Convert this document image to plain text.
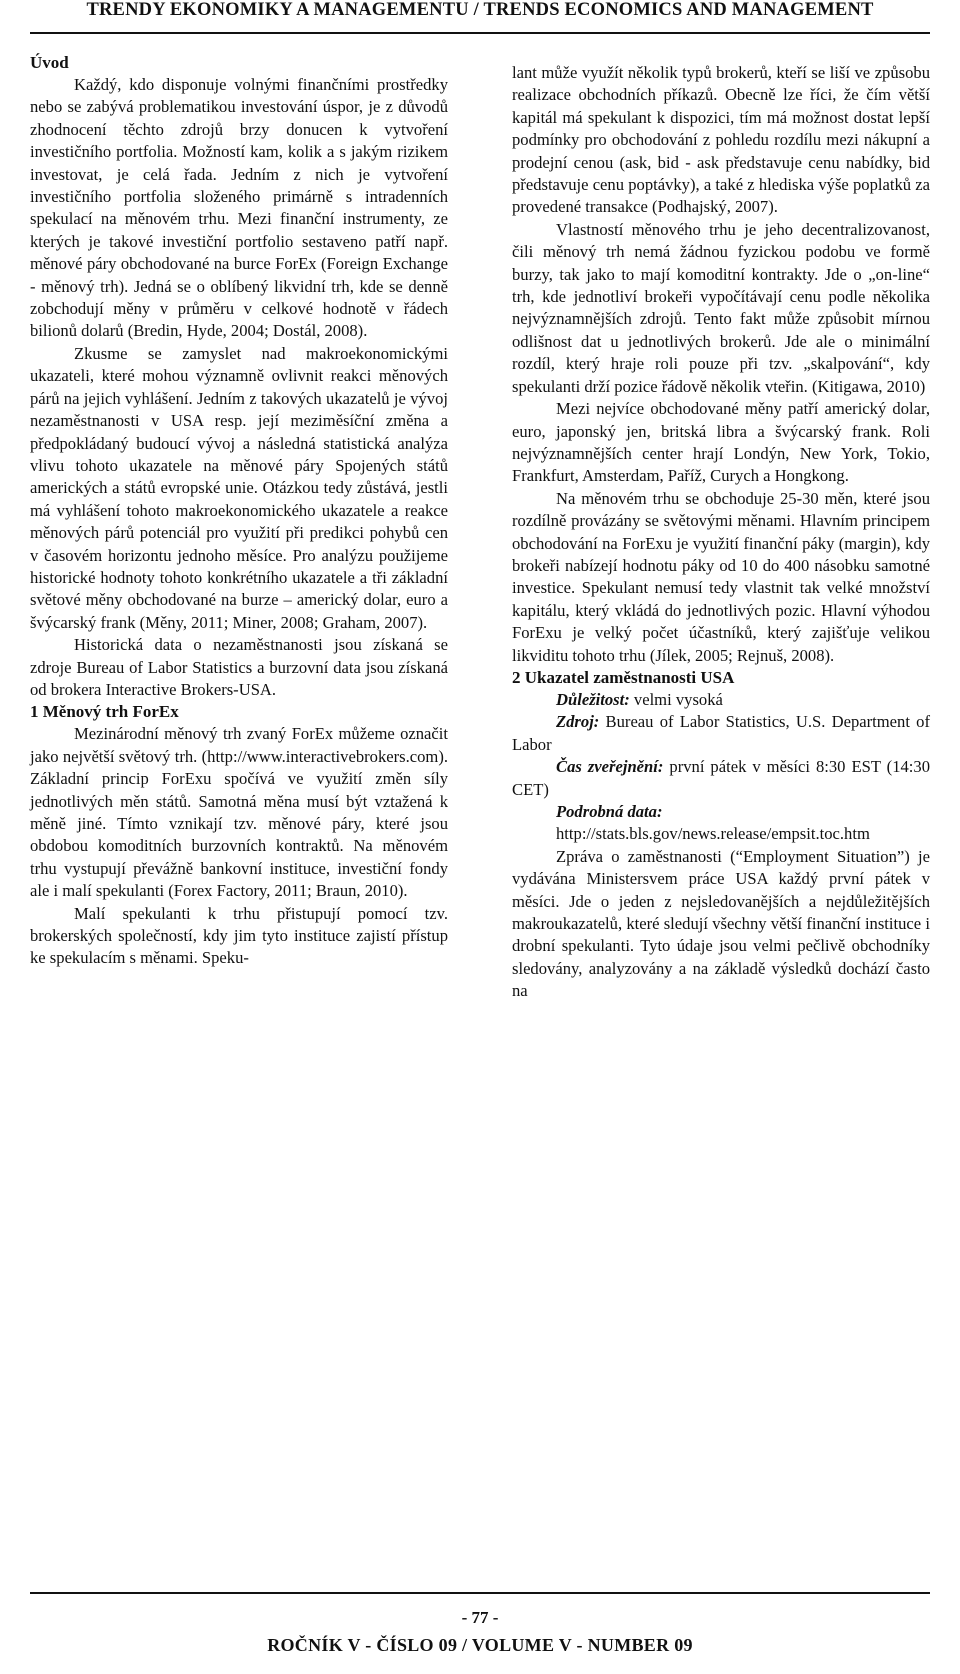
TRENDY EKONOMIKY A MANAGEMENTU / TRENDS ECONOMICS AND MANAGEMENT
Úvod

Každý, kdo disponuje volnými finančními prostředky nebo se zabývá problematikou investování úspor, je z důvodů zhodnocení těchto zdrojů brzy donucen k vytvoření investičního portfolia. Možností kam, kolik a s jakým rizikem investovat, je celá řada. Jedním z nich je vytvoření investičního portfolia složeného primárně s intradenních spekulací na měnovém trhu. Mezi finanční instrumenty, ze kterých je takové investiční portfolio sestaveno patří např. měnové páry obchodované na burce ForEx (Foreign Exchange - měnový trh). Jedná se o oblíbený likvidní trh, kde se denně zobchodují měny v průměru v celkové hodnotě v řádech bilionů dolarů (Bredin, Hyde, 2004; Dostál, 2008).

Zkusme se zamyslet nad makroekonomickými ukazateli, které mohou významně ovlivnit reakci měnových párů na jejich vyhlášení. Jedním z takových ukazatelů je vývoj nezaměstnanosti v USA resp. její meziměsíční změna a předpokládaný budoucí vývoj a následná statistická analýza vlivu tohoto ukazatele na měnové páry Spojených států amerických a států evropské unie. Otázkou tedy zůstává, jestli má vyhlášení tohoto makroekonomického ukazatele a reakce měnových párů potenciál pro využití při predikci pohybů cen v časovém horizontu jednoho měsíce. Pro analýzu použijeme historické hodnoty tohoto konkrétního ukazatele a tři základní světové měny obchodované na burze – americký dolar, euro a švýcarský frank (Měny, 2011; Miner, 2008; Graham, 2007).

Historická data o nezaměstnanosti jsou získaná se zdroje Bureau of Labor Statistics a burzovní data jsou získaná od brokera Interactive Brokers-USA.

1 Měnový trh ForEx

Mezinárodní měnový trh zvaný ForEx můžeme označit jako největší světový trh. (http://www.interactivebrokers.com). Základní princip ForExu spočívá ve využití změn síly jednotlivých měn států. Samotná měna musí být vztažená k měně jiné. Tímto vznikají tzv. měnové páry, které jsou obdobou komoditních burzovních kontraktů. Na měnovém trhu vystupují převážně bankovní instituce, investiční fondy ale i malí spekulanti (Forex Factory, 2011; Braun, 2010).

Malí spekulanti k trhu přistupují pomocí tzv. brokerských společností, kdy jim tyto instituce zajistí přístup ke spekulacím s měnami. Speku-

lant může využít několik typů brokerů, kteří se liší ve způsobu realizace obchodních příkazů. Obecně lze říci, že čím větší kapitál má spekulant k dispozici, tím má možnost dostat lepší podmínky pro obchodování z pohledu rozdílu mezi nákupní a prodejní cenou (ask, bid - ask představuje cenu nabídky, bid představuje cenu poptávky), a také z hlediska výše poplatků za provedené transakce (Podhajský, 2007).

Vlastností měnového trhu je jeho decentralizovanost, čili měnový trh nemá žádnou fyzickou podobu ve formě burzy, tak jako to mají komoditní kontrakty. Jde o „on-line“ trh, kde jednotliví brokeři vypočítávají cenu podle několika nejvýznamnějších zdrojů. Tento fakt může způsobit mírnou odlišnost dat u jednotlivých brokerů. Jde ale o minimální rozdíl, který hraje roli pouze při tzv. „skalpování“, kdy spekulanti drží pozice řádově několik vteřin. (Kitigawa, 2010)

Mezi nejvíce obchodované měny patří americký dolar, euro, japonský jen, britská libra a švýcarský frank. Roli nejvýznamnějších center hrají Londýn, New York, Tokio, Frankfurt, Amsterdam, Paříž, Curych a Hongkong.

Na měnovém trhu se obchoduje 25-30 měn, které jsou rozdílně provázány se světovými měnami. Hlavním principem obchodování na ForExu je využití finanční páky (margin), kdy brokeři nabízejí hodnotu páky od 10 do 400 násobku samotné investice. Spekulant nemusí tedy vlastnit tak velké množství kapitálu, který vkládá do jednotlivých pozic. Hlavní výhodou ForExu je velký počet účastníků, který zajišťuje velikou likviditu tohoto trhu (Jílek, 2005; Rejnuš, 2008).

2 Ukazatel zaměstnanosti USA

Důležitost: velmi vysoká

Zdroj: Bureau of Labor Statistics, U.S. Department of Labor

Čas zveřejnění: první pátek v měsíci 8:30 EST (14:30 CET)

Podrobná data:

http://stats.bls.gov/news.release/empsit.toc.htm

Zpráva o zaměstnanosti (“Employment Situation”) je vydávána Ministersvem práce USA každý první pátek v měsíci. Jde o jeden z nejsledovanějších a nejdůležitějších makroukazatelů, které sledují všechny větší finanční instituce i drobní spekulanti. Tyto údaje jsou velmi pečlivě obchodníky sledovány, analyzovány a na základě výsledků dochází často na

- 77 -
ROČNÍK V - ČÍSLO 09 / VOLUME V - NUMBER 09
